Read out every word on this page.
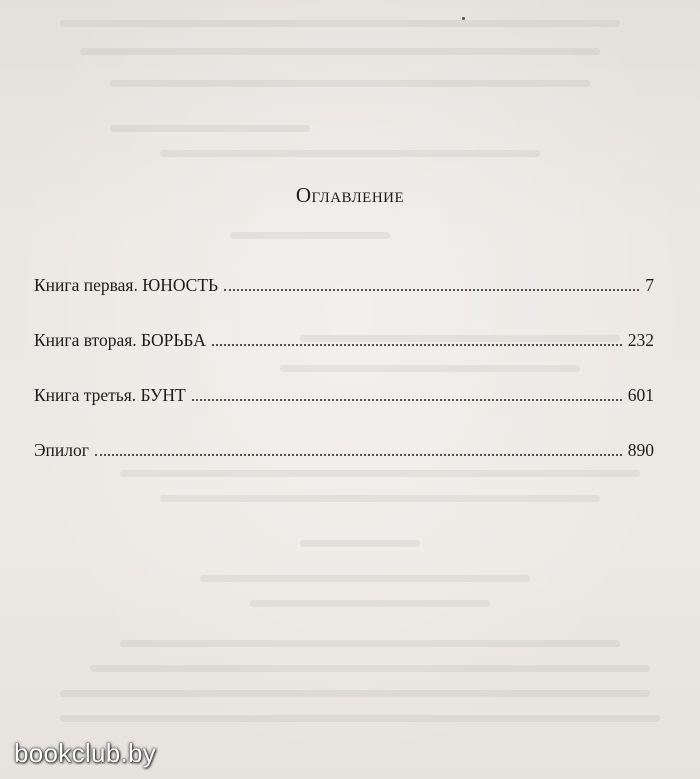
Оглавление
Книга первая. ЮНОСТЬ	7
Книга вторая. БОРЬБА	232
Книга третья. БУНТ	601
Эпилог	890
bookclub.by
